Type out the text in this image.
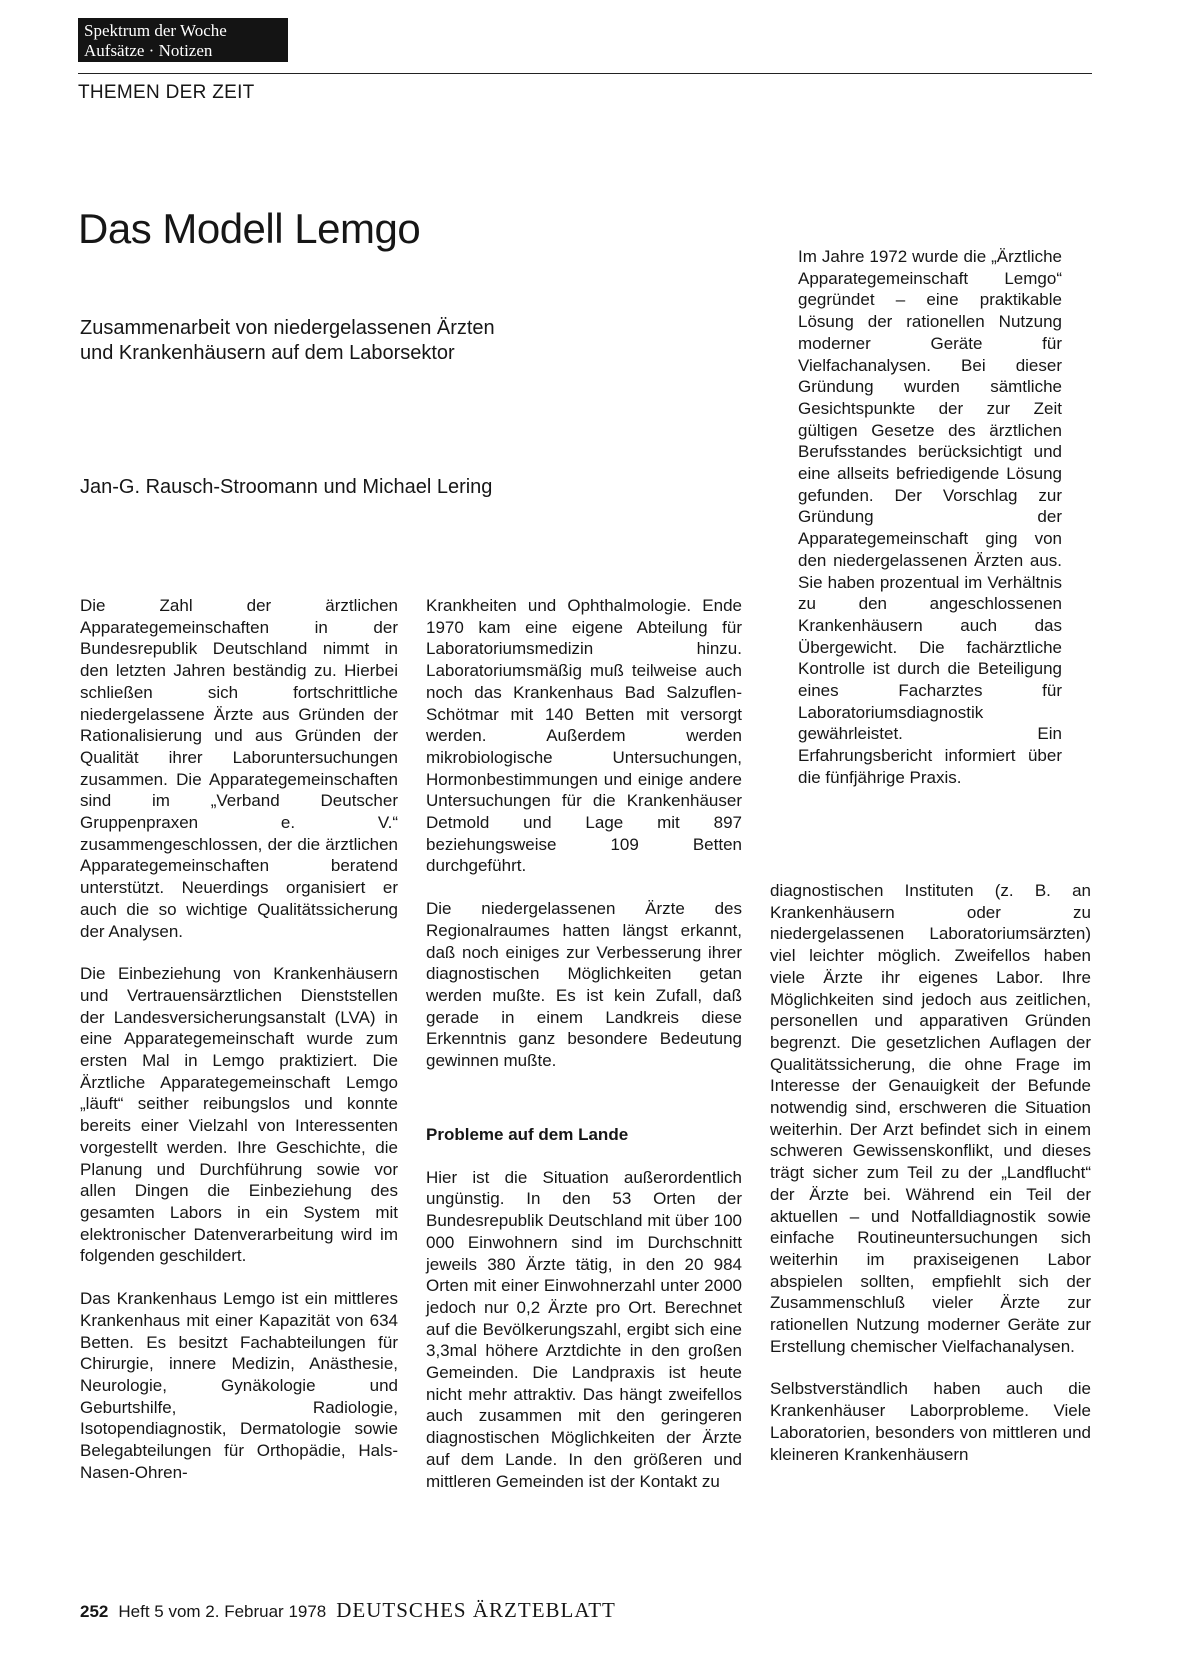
Spektrum der Woche
Aufsätze · Notizen
THEMEN DER ZEIT
Das Modell Lemgo
Zusammenarbeit von niedergelassenen Ärzten
und Krankenhäusern auf dem Laborsektor
Jan-G. Rausch-Stroomann und Michael Lering

Im Jahre 1972 wurde die „Ärztliche Apparategemeinschaft Lemgo“ gegründet – eine praktikable Lösung der rationellen Nutzung moderner Geräte für Vielfachanalysen. Bei dieser Gründung wurden sämtliche Gesichtspunkte der zur Zeit gültigen Gesetze des ärztlichen Berufsstandes berücksichtigt und eine allseits befriedigende Lösung gefunden. Der Vorschlag zur Gründung der Apparategemeinschaft ging von den niedergelassenen Ärzten aus. Sie haben prozentual im Verhältnis zu den angeschlossenen Krankenhäusern auch das Übergewicht. Die fachärztliche Kontrolle ist durch die Beteiligung eines Facharztes für Laboratoriumsdiagnostik gewährleistet. Ein Erfahrungsbericht informiert über die fünfjährige Praxis.

Die Zahl der ärztlichen Apparategemeinschaften in der Bundesrepublik Deutschland nimmt in den letzten Jahren beständig zu. Hierbei schließen sich fortschrittliche niedergelassene Ärzte aus Gründen der Rationalisierung und aus Gründen der Qualität ihrer Laboruntersuchungen zusammen. Die Apparategemeinschaften sind im „Verband Deutscher Gruppenpraxen e. V.“ zusammengeschlossen, der die ärztlichen Apparategemeinschaften beratend unterstützt. Neuerdings organisiert er auch die so wichtige Qualitätssicherung der Analysen.

Die Einbeziehung von Krankenhäusern und Vertrauensärztlichen Dienststellen der Landesversicherungsanstalt (LVA) in eine Apparategemeinschaft wurde zum ersten Mal in Lemgo praktiziert. Die Ärztliche Apparategemeinschaft Lemgo „läuft“ seither reibungslos und konnte bereits einer Vielzahl von Interessenten vorgestellt werden. Ihre Geschichte, die Planung und Durchführung sowie vor allen Dingen die Einbeziehung des gesamten Labors in ein System mit elektronischer Datenverarbeitung wird im folgenden geschildert.

Das Krankenhaus Lemgo ist ein mittleres Krankenhaus mit einer Kapazität von 634 Betten. Es besitzt Fachabteilungen für Chirurgie, innere Medizin, Anästhesie, Neurologie, Gynäkologie und Geburtshilfe, Radiologie, Isotopendiagnostik, Dermatologie sowie Belegabteilungen für Orthopädie, Hals-Nasen-Ohren-

Krankheiten und Ophthalmologie. Ende 1970 kam eine eigene Abteilung für Laboratoriumsmedizin hinzu. Laboratoriumsmäßig muß teilweise auch noch das Krankenhaus Bad Salzuflen-Schötmar mit 140 Betten mit versorgt werden. Außerdem werden mikrobiologische Untersuchungen, Hormonbestimmungen und einige andere Untersuchungen für die Krankenhäuser Detmold und Lage mit 897 beziehungsweise 109 Betten durchgeführt.

Die niedergelassenen Ärzte des Regionalraumes hatten längst erkannt, daß noch einiges zur Verbesserung ihrer diagnostischen Möglichkeiten getan werden mußte. Es ist kein Zufall, daß gerade in einem Landkreis diese Erkenntnis ganz besondere Bedeutung gewinnen mußte.

Probleme auf dem Lande

Hier ist die Situation außerordentlich ungünstig. In den 53 Orten der Bundesrepublik Deutschland mit über 100 000 Einwohnern sind im Durchschnitt jeweils 380 Ärzte tätig, in den 20 984 Orten mit einer Einwohnerzahl unter 2000 jedoch nur 0,2 Ärzte pro Ort. Berechnet auf die Bevölkerungszahl, ergibt sich eine 3,3mal höhere Arztdichte in den großen Gemeinden. Die Landpraxis ist heute nicht mehr attraktiv. Das hängt zweifellos auch zusammen mit den geringeren diagnostischen Möglichkeiten der Ärzte auf dem Lande. In den größeren und mittleren Gemeinden ist der Kontakt zu

diagnostischen Instituten (z. B. an Krankenhäusern oder zu niedergelassenen Laboratoriumsärzten) viel leichter möglich. Zweifellos haben viele Ärzte ihr eigenes Labor. Ihre Möglichkeiten sind jedoch aus zeitlichen, personellen und apparativen Gründen begrenzt. Die gesetzlichen Auflagen der Qualitätssicherung, die ohne Frage im Interesse der Genauigkeit der Befunde notwendig sind, erschweren die Situation weiterhin. Der Arzt befindet sich in einem schweren Gewissenskonflikt, und dieses trägt sicher zum Teil zu der „Landflucht“ der Ärzte bei. Während ein Teil der aktuellen – und Notfalldiagnostik sowie einfache Routineuntersuchungen sich weiterhin im praxiseigenen Labor abspielen sollten, empfiehlt sich der Zusammenschluß vieler Ärzte zur rationellen Nutzung moderner Geräte zur Erstellung chemischer Vielfachanalysen.

Selbstverständlich haben auch die Krankenhäuser Laborprobleme. Viele Laboratorien, besonders von mittleren und kleineren Krankenhäusern

252 Heft 5 vom 2. Februar 1978 DEUTSCHES ÄRZTEBLATT
